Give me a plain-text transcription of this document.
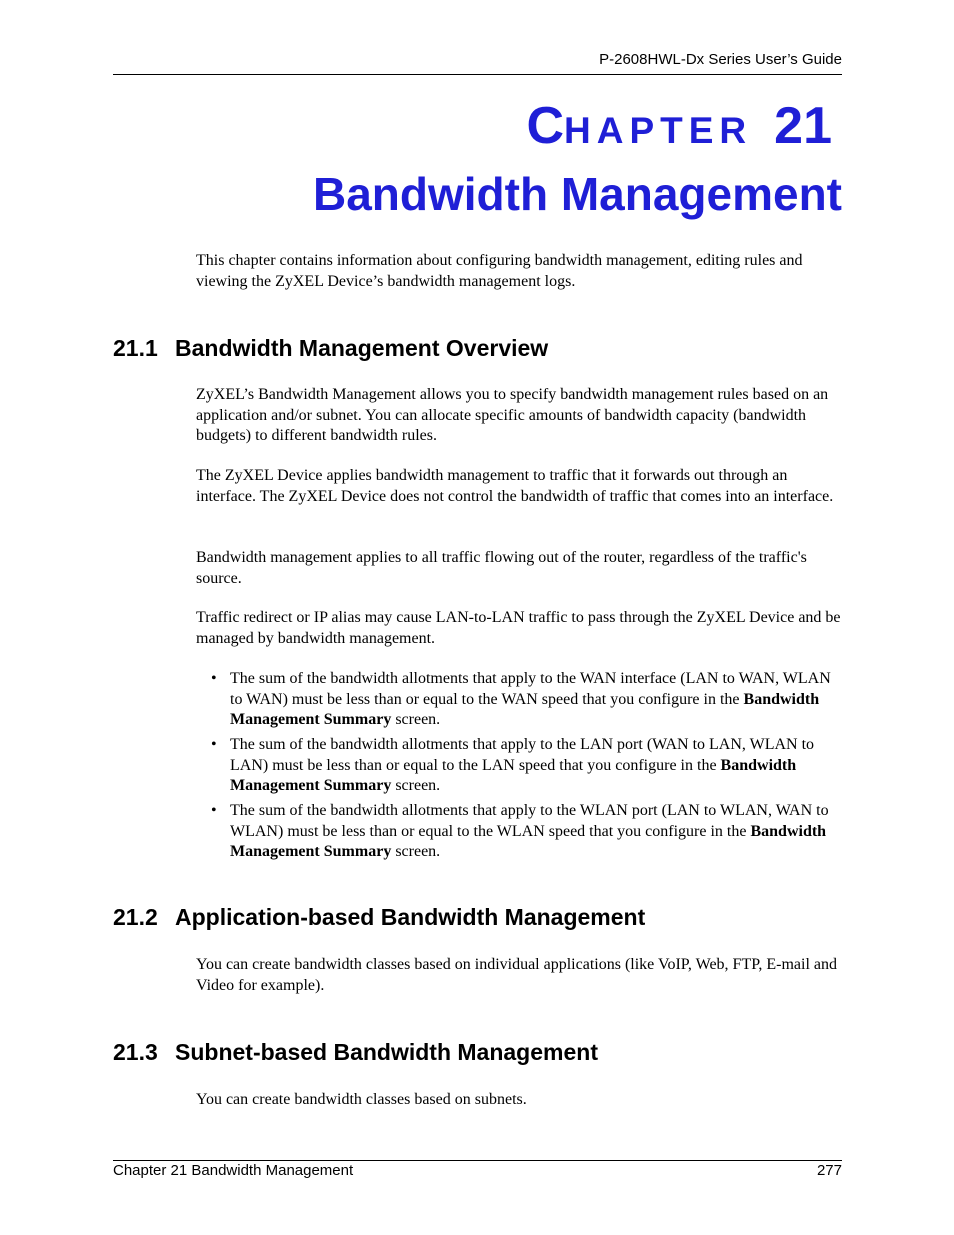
P-2608HWL-Dx Series User’s Guide
CHAPTER 21
Bandwidth Management

This chapter contains information about configuring bandwidth management, editing rules and viewing the ZyXEL Device’s bandwidth management logs.

21.1 Bandwidth Management Overview

ZyXEL’s Bandwidth Management allows you to specify bandwidth management rules based on an application and/or subnet. You can allocate specific amounts of bandwidth capacity (bandwidth budgets) to different bandwidth rules.

The ZyXEL Device applies bandwidth management to traffic that it forwards out through an interface. The ZyXEL Device does not control the bandwidth of traffic that comes into an interface.

Bandwidth management applies to all traffic flowing out of the router, regardless of the traffic's source.

Traffic redirect or IP alias may cause LAN-to-LAN traffic to pass through the ZyXEL Device and be managed by bandwidth management.

• The sum of the bandwidth allotments that apply to the WAN interface (LAN to WAN, WLAN to WAN) must be less than or equal to the WAN speed that you configure in the Bandwidth Management Summary screen.
• The sum of the bandwidth allotments that apply to the LAN port (WAN to LAN, WLAN to LAN) must be less than or equal to the LAN speed that you configure in the Bandwidth Management Summary screen.
• The sum of the bandwidth allotments that apply to the WLAN port (LAN to WLAN, WAN to WLAN) must be less than or equal to the WLAN speed that you configure in the Bandwidth Management Summary screen.
21.2 Application-based Bandwidth Management

You can create bandwidth classes based on individual applications (like VoIP, Web, FTP, E-mail and Video for example).

21.3 Subnet-based Bandwidth Management

You can create bandwidth classes based on subnets.

Chapter 21 Bandwidth Management	277
